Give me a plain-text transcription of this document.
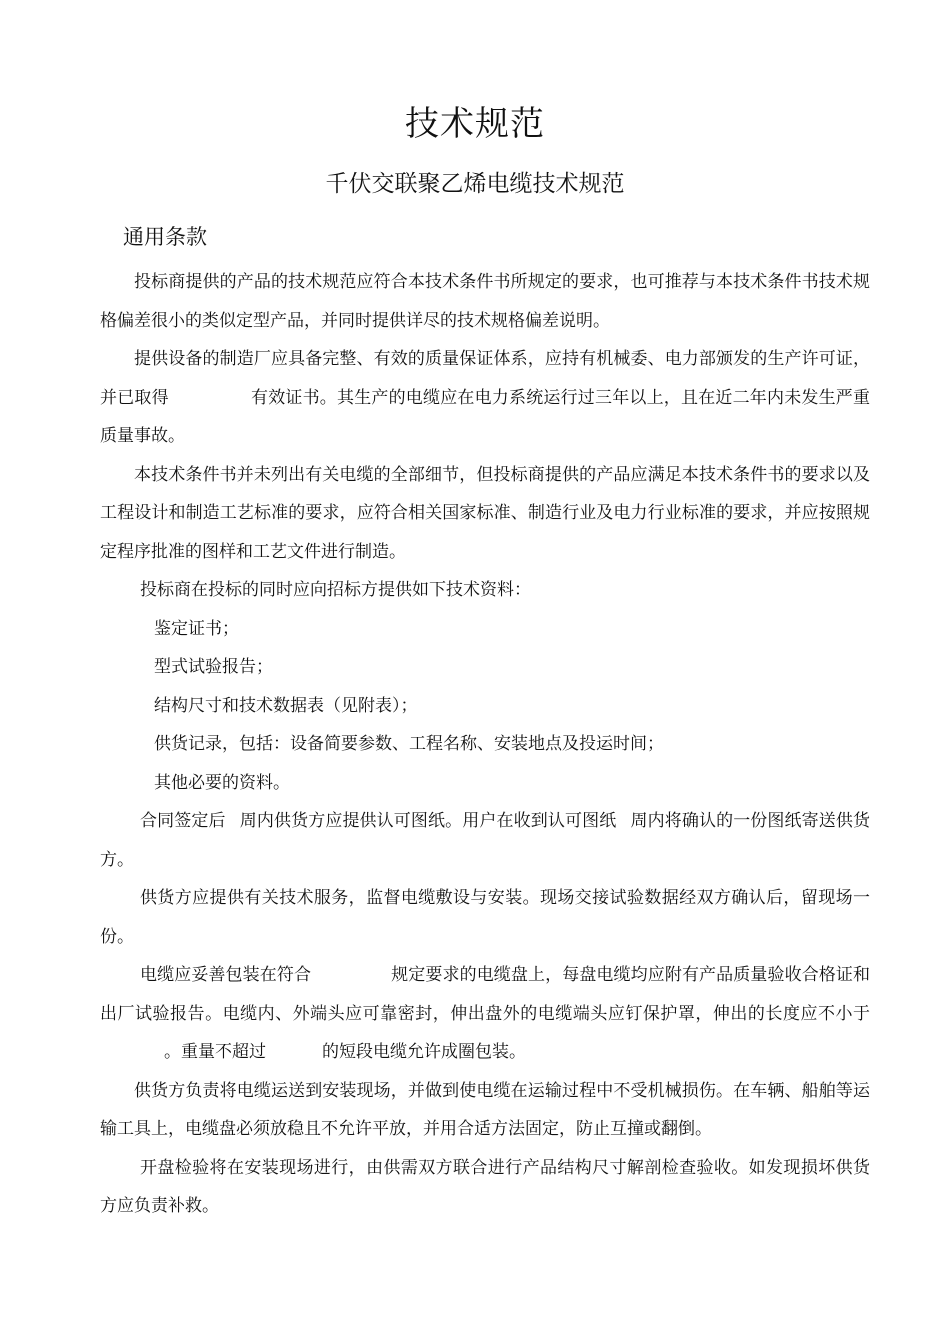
技术规范
千伏交联聚乙烯电缆技术规范
通用条款

投标商提供的产品的技术规范应符合本技术条件书所规定的要求，也可推荐与本技术条件书技术规格偏差很小的类似定型产品，并同时提供详尽的技术规格偏差说明。

提供设备的制造厂应具备完整、有效的质量保证体系，应持有机械委、电力部颁发的生产许可证，并已取得	有效证书。其生产的电缆应在电力系统运行过三年以上，且在近二年内未发生严重质量事故。

本技术条件书并未列出有关电缆的全部细节，但投标商提供的产品应满足本技术条件书的要求以及工程设计和制造工艺标准的要求，应符合相关国家标准、制造行业及电力行业标准的要求，并应按照规定程序批准的图样和工艺文件进行制造。

投标商在投标的同时应向招标方提供如下技术资料：

鉴定证书；

型式试验报告；

结构尺寸和技术数据表（见附表）；

供货记录，包括：设备简要参数、工程名称、安装地点及投运时间；

其他必要的资料。

合同签定后 周内供货方应提供认可图纸。用户在收到认可图纸 周内将确认的一份图纸寄送供货方。

供货方应提供有关技术服务，监督电缆敷设与安装。现场交接试验数据经双方确认后，留现场一份。

电缆应妥善包装在符合	规定要求的电缆盘上，每盘电缆均应附有产品质量验收合格证和出厂试验报告。电缆内、外端头应可靠密封，伸出盘外的电缆端头应钉保护罩，伸出的长度应不小于。重量不超过	的短段电缆允许成圈包装。

供货方负责将电缆运送到安装现场，并做到使电缆在运输过程中不受机械损伤。在车辆、船舶等运输工具上，电缆盘必须放稳且不允许平放，并用合适方法固定，防止互撞或翻倒。

开盘检验将在安装现场进行，由供需双方联合进行产品结构尺寸解剖检查验收。如发现损坏供货方应负责补救。
